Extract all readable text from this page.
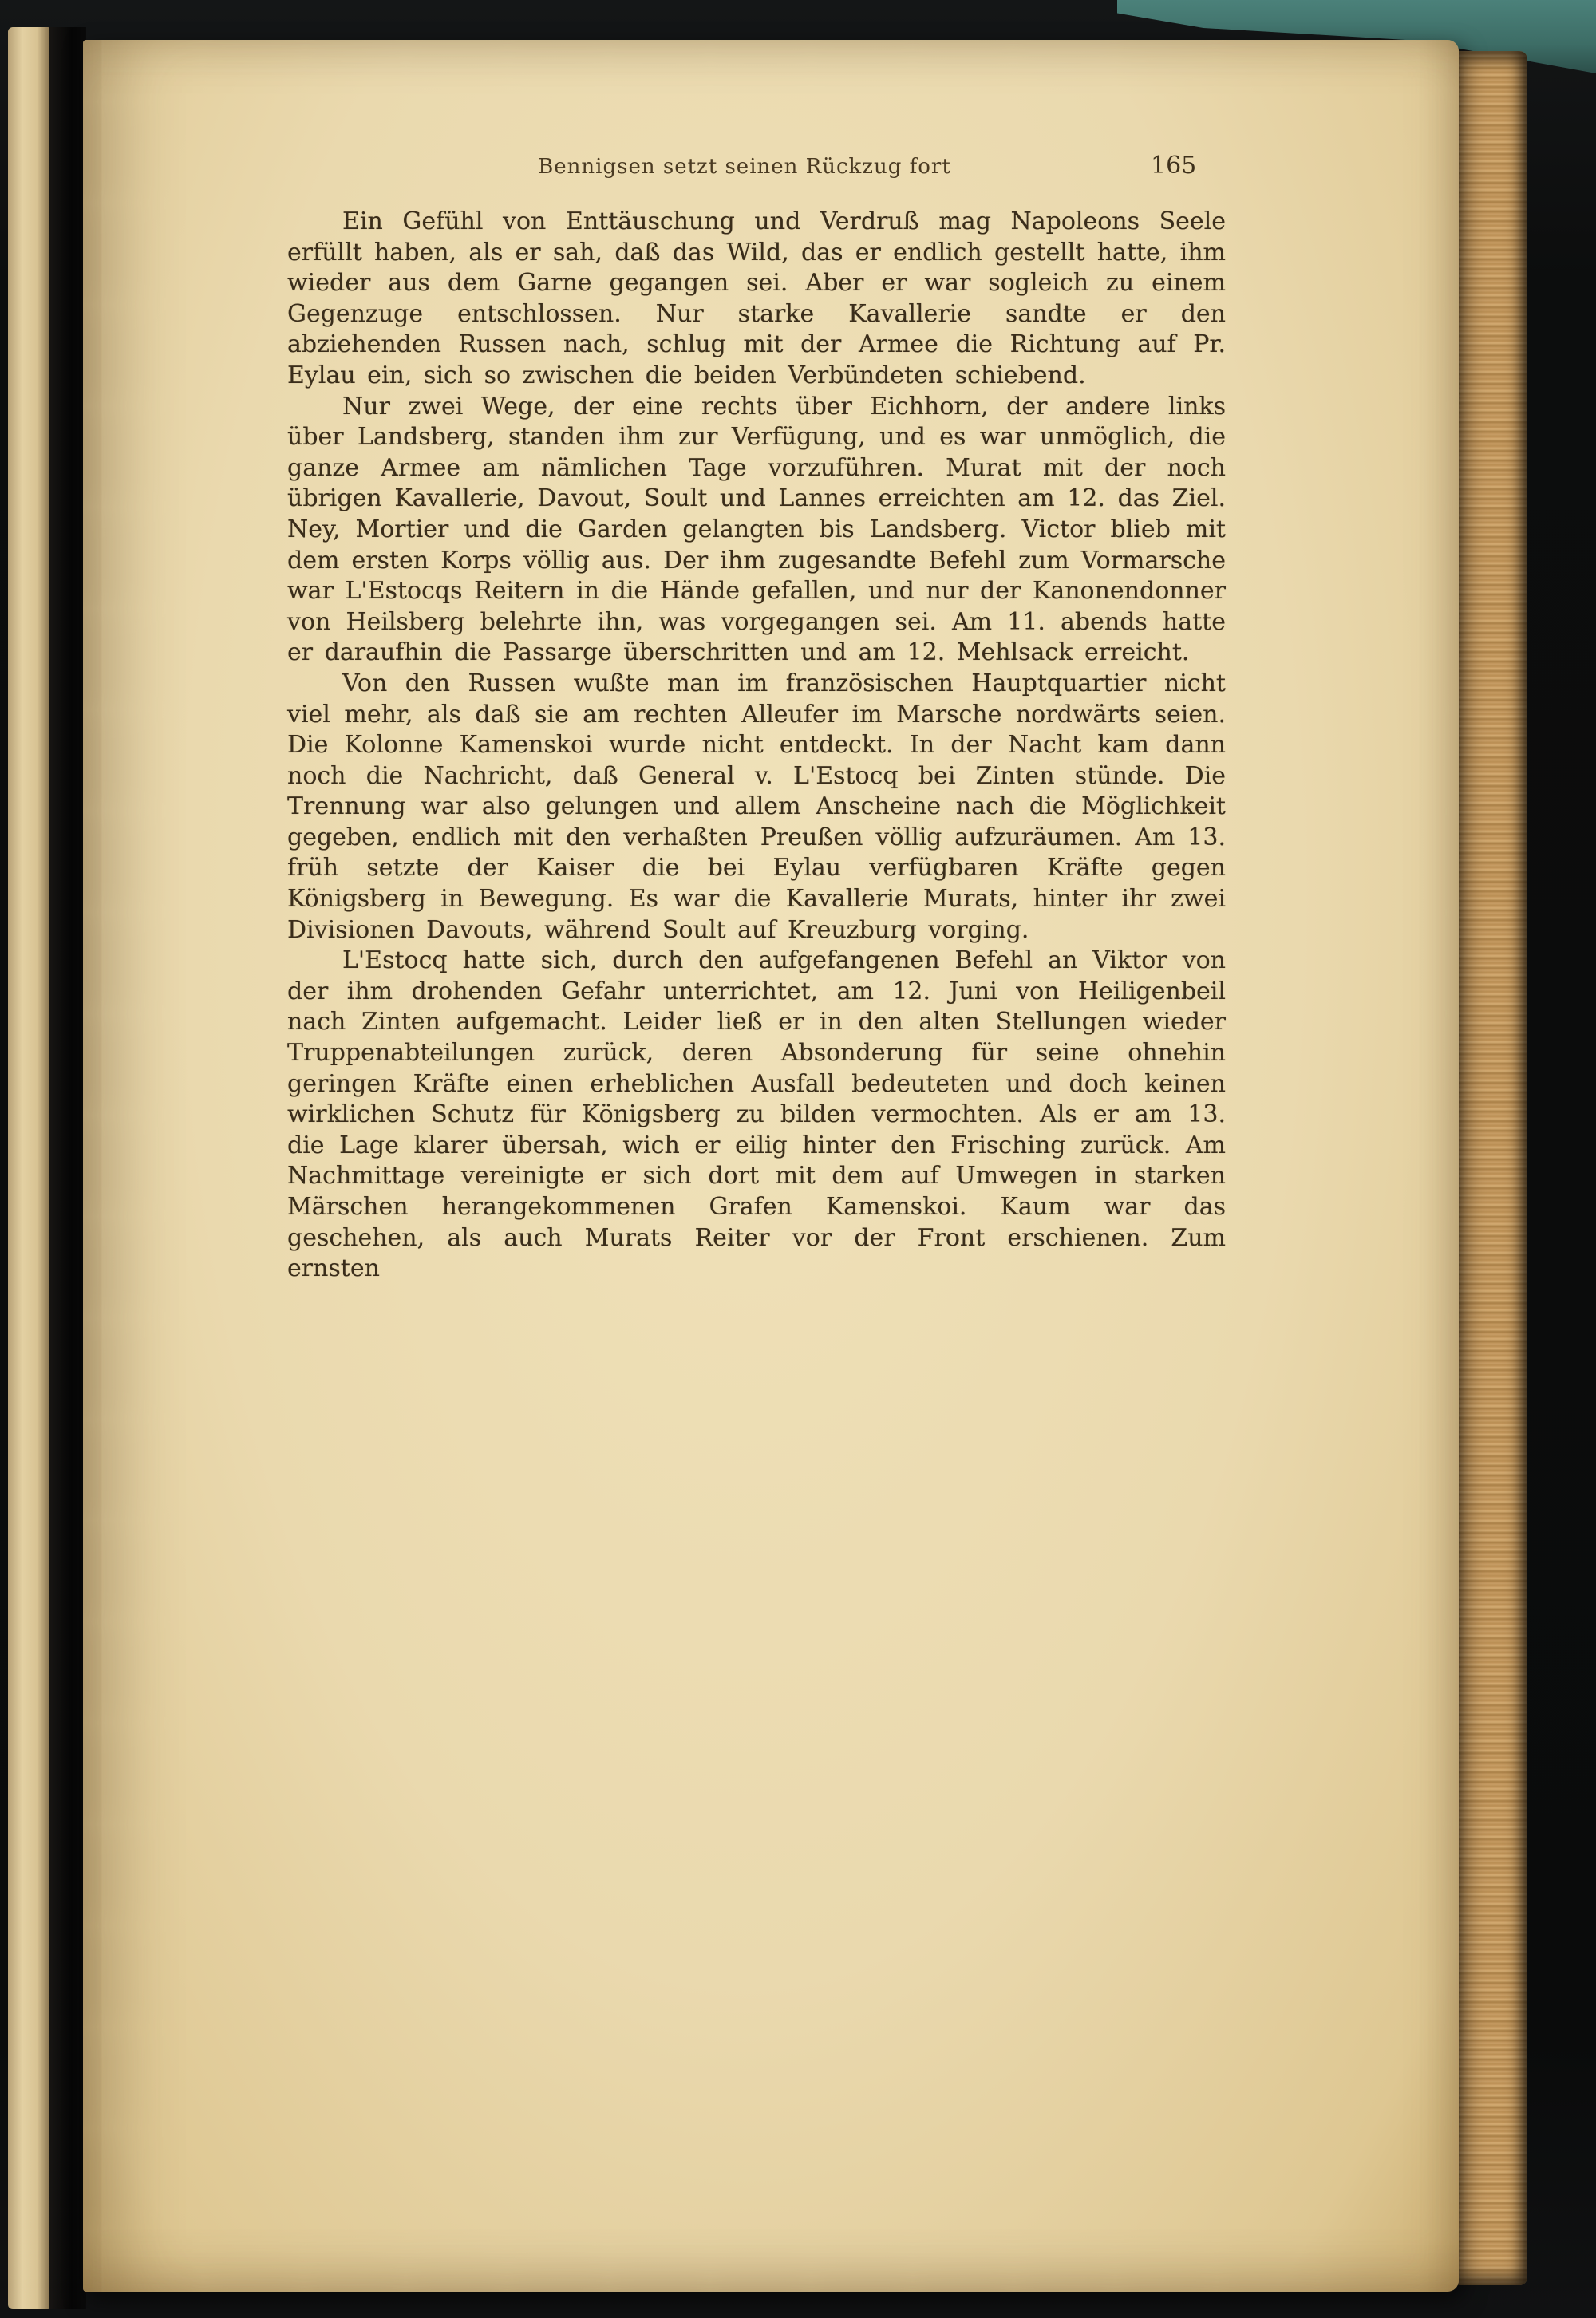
Bennigsen setzt seinen Rückzug fort	165

Ein Gefühl von Enttäuschung und Verdruß mag Napoleons Seele erfüllt haben, als er sah, daß das Wild, das er endlich gestellt hatte, ihm wieder aus dem Garne gegangen sei. Aber er war sogleich zu einem Gegenzuge entschlossen. Nur starke Kavallerie sandte er den abziehenden Russen nach, schlug mit der Armee die Richtung auf Pr. Eylau ein, sich so zwischen die beiden Verbündeten schiebend.

Nur zwei Wege, der eine rechts über Eichhorn, der andere links über Landsberg, standen ihm zur Verfügung, und es war unmöglich, die ganze Armee am nämlichen Tage vorzuführen. Murat mit der noch übrigen Kavallerie, Davout, Soult und Lannes erreichten am 12. das Ziel. Ney, Mortier und die Garden gelangten bis Landsberg. Victor blieb mit dem ersten Korps völlig aus. Der ihm zugesandte Befehl zum Vormarsche war L'Estocqs Reitern in die Hände gefallen, und nur der Kanonendonner von Heilsberg belehrte ihn, was vorgegangen sei. Am 11. abends hatte er daraufhin die Passarge überschritten und am 12. Mehlsack erreicht.

Von den Russen wußte man im französischen Hauptquartier nicht viel mehr, als daß sie am rechten Alleufer im Marsche nordwärts seien. Die Kolonne Kamenskoi wurde nicht entdeckt. In der Nacht kam dann noch die Nachricht, daß General v. L'Estocq bei Zinten stünde. Die Trennung war also gelungen und allem Anscheine nach die Möglichkeit gegeben, endlich mit den verhaßten Preußen völlig aufzuräumen. Am 13. früh setzte der Kaiser die bei Eylau verfügbaren Kräfte gegen Königsberg in Bewegung. Es war die Kavallerie Murats, hinter ihr zwei Divisionen Davouts, während Soult auf Kreuzburg vorging.

L'Estocq hatte sich, durch den aufgefangenen Befehl an Viktor von der ihm drohenden Gefahr unterrichtet, am 12. Juni von Heiligenbeil nach Zinten aufgemacht. Leider ließ er in den alten Stellungen wieder Truppenabteilungen zurück, deren Absonderung für seine ohnehin geringen Kräfte einen erheblichen Ausfall bedeuteten und doch keinen wirklichen Schutz für Königsberg zu bilden vermochten. Als er am 13. die Lage klarer übersah, wich er eilig hinter den Frisching zurück. Am Nachmittage vereinigte er sich dort mit dem auf Umwegen in starken Märschen herangekommenen Grafen Kamenskoi. Kaum war das geschehen, als auch Murats Reiter vor der Front erschienen. Zum ernsten
